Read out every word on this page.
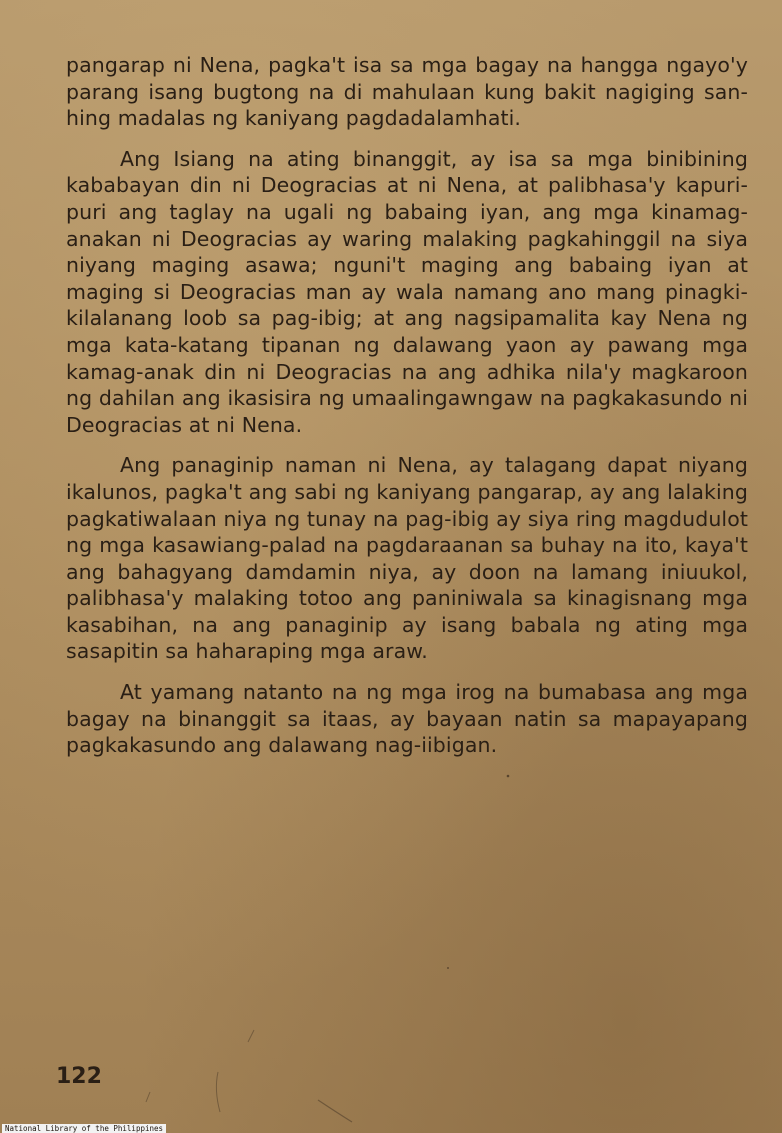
pangarap ni Nena, pagka't isa sa mga bagay na hangga ngayo'y parang isang bugtong na di mahulaan kung bakit nagiging san-hing madalas ng kaniyang pagdadalamhati.

Ang Isiang na ating binanggit, ay isa sa mga binibining kababayan din ni Deogracias at ni Nena, at palibhasa'y kapuri-puri ang taglay na ugali ng babaing iyan, ang mga kinamag-anakan ni Deogracias ay waring malaking pagkahinggil na siya niyang maging asawa; nguni't maging ang babaing iyan at maging si Deogracias man ay wala namang ano mang pinagki-kilalanang loob sa pag-ibig; at ang nagsipamalita kay Nena ng mga kata-katang tipanan ng dalawang yaon ay pawang mga kamag-anak din ni Deogracias na ang adhika nila'y magkaroon ng dahilan ang ikasisira ng umaalingawngaw na pagkakasundo ni Deogracias at ni Nena.

Ang panaginip naman ni Nena, ay talagang dapat niyang ikalunos, pagka't ang sabi ng kaniyang pangarap, ay ang lalaking pagkatiwalaan niya ng tunay na pag-ibig ay siya ring magdudulot ng mga kasawiang-palad na pagdaraanan sa buhay na ito, kaya't ang bahagyang damdamin niya, ay doon na lamang iniuukol, palibhasa'y malaking totoo ang paniniwala sa kinagisnang mga kasabihan, na ang panaginip ay isang babala ng ating mga sasapitin sa haharaping mga araw.

At yamang natanto na ng mga irog na bumabasa ang mga bagay na binanggit sa itaas, ay bayaan natin sa mapayapang pagkakasundo ang dalawang nag-iibigan.

122
National Library of the Philippines
